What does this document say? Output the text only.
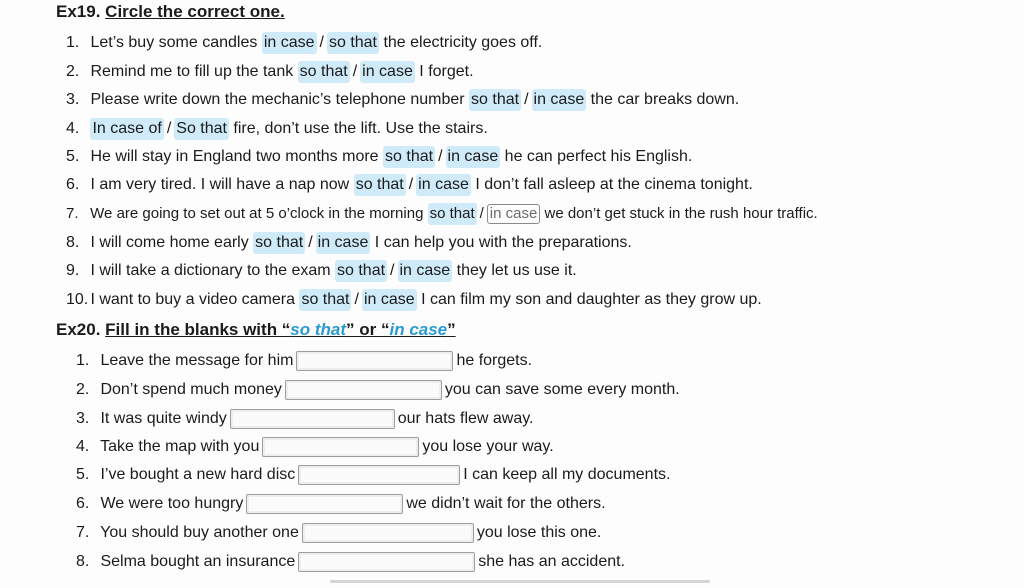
Ex19. Circle the correct one.
1. Let’s buy some candles in case / so that the electricity goes off.
2. Remind me to fill up the tank so that / in case I forget.
3. Please write down the mechanic’s telephone number so that / in case the car breaks down.
4. In case of / So that fire, don’t use the lift. Use the stairs.
5. He will stay in England two months more so that / in case he can perfect his English.
6. I am very tired. I will have a nap now so that / in case I don’t fall asleep at the cinema tonight.
7. We are going to set out at 5 o’clock in the morning so that / in case we don’t get stuck in the rush hour traffic.
8. I will come home early so that / in case I can help you with the preparations.
9. I will take a dictionary to the exam so that / in case they let us use it.
10. I want to buy a video camera so that / in case I can film my son and daughter as they grow up.
Ex20. Fill in the blanks with “so that” or “in case”
1. Leave the message for him	he forgets.
2. Don’t spend much money	you can save some every month.
3. It was quite windy	our hats flew away.
4. Take the map with you	you lose your way.
5. I’ve bought a new hard disc	I can keep all my documents.
6. We were too hungry	we didn’t wait for the others.
7. You should buy another one	you lose this one.
8. Selma bought an insurance	she has an accident.
